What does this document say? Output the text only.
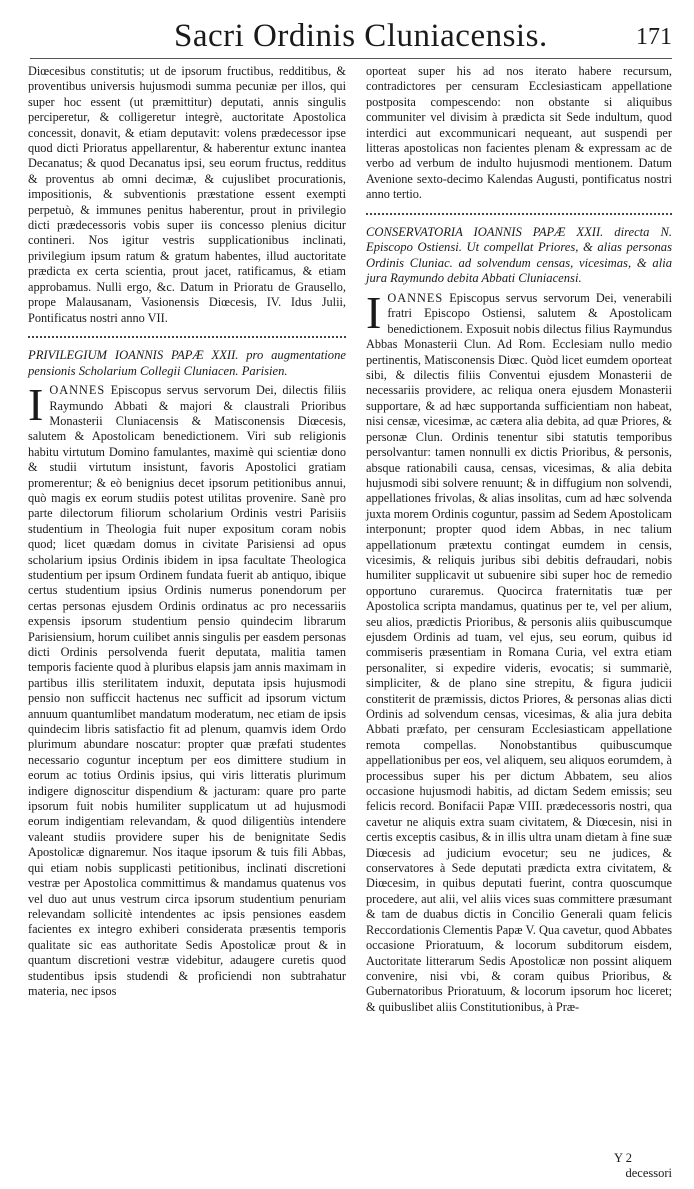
Sacri Ordinis Cluniacensis.	171

Diœcesibus constitutis; ut de ipsorum fructibus, redditibus, & proventibus universis hujusmodi summa pecuniæ per illos, qui super hoc essent (ut præmittitur) deputati, annis singulis perciperetur, & colligeretur integrè, auctoritate Apostolica concessit, donavit, & etiam deputavit: volens prædecessor ipse quod dicti Prioratus appellarentur, & haberentur extunc inantea Decanatus; & quod Decanatus ipsi, seu eorum fructus, redditus & proventus ab omni decimæ, & cujuslibet procurationis, impositionis, & subventionis præstatione essent exempti perpetuò, & immunes penitus haberentur, prout in privilegio dicti prædecessoris vobis super iis concesso plenius dicitur contineri. Nos igitur vestris supplicationibus inclinati, privilegium ipsum ratum & gratum habentes, illud auctoritate prædicta ex certa scientia, prout jacet, ratificamus, & etiam approbamus. Nulli ergo, &c. Datum in Prioratu de Grausello, prope Malausanam, Vasionensis Diœcesis, IV. Idus Julii, Pontificatus nostri anno VII.

PRIVILEGIUM IOANNIS PAPÆ XXII. pro augmentatione pensionis Scholarium Collegii Cluniacen. Parisien.

I OANNES Episcopus servus servorum Dei, dilectis filiis Raymundo Abbati & majori & claustrali Prioribus Monasterii Cluniacensis & Matisconensis Diœcesis, salutem & Apostolicam benedictionem. Viri sub religionis habitu virtutum Domino famulantes, maximè qui scientiæ dono & studii virtutum insistunt, favoris Apostolici gratiam promerentur; & eò benignius decet ipsorum petitionibus annui, quò magis ex eorum studiis potest utilitas provenire. Sanè pro parte dilectorum filiorum scholarium Ordinis vestri Parisiis studentium in Theologia fuit nuper expositum coram nobis quod; licet quædam domus in civitate Parisiensi ad opus scholarium ipsius Ordinis ibidem in ipsa facultate Theologica studentium per ipsum Ordinem fundata fuerit ab antiquo, ibique certus studentium ipsius Ordinis numerus ponendorum per certas personas ejusdem Ordinis ordinatus ac pro necessariis expensis ipsorum studentium pensio quindecim librarum Parisiensium, horum cuilibet annis singulis per easdem personas dicti Ordinis persolvenda fuerit deputata, malitia tamen temporis faciente quod à pluribus elapsis jam annis maximam in partibus illis sterilitatem induxit, deputata ipsis hujusmodi pensio non sufficcit hactenus nec sufficit ad ipsorum victum annuum quantumlibet mandatum moderatum, nec etiam de ipsis quindecim libris satisfactio fit ad plenum, quamvis idem Ordo plurimum abundare noscatur: propter quæ præfati studentes necessario coguntur inceptum per eos dimittere studium in eorum ac totius Ordinis ipsius, qui viris litteratis plurimum indigere dignoscitur dispendium & jacturam: quare pro parte ipsorum fuit nobis humiliter supplicatum ut ad hujusmodi eorum indigentiam relevandam, & quod diligentiùs intendere valeant studiis providere super his de benignitate Sedis Apostolicæ dignaremur. Nos itaque ipsorum & tuis fili Abbas, qui etiam nobis supplicasti petitionibus, inclinati discretioni vestræ per Apostolica committimus & mandamus quatenus vos vel duo aut unus vestrum circa ipsorum studentium penuriam relevandam sollicitè intendentes ac ipsis pensiones easdem facientes ex integro exhiberi considerata præsentis temporis qualitate sic eas authoritate Sedis Apostolicæ prout & in quantum discretioni vestræ videbitur, adaugere curetis quod studentibus ipsis studendi & proficiendi non subtrahatur materia, nec ipsos

oporteat super his ad nos iterato habere recursum, contradictores per censuram Ecclesiasticam appellatione postposita compescendo: non obstante si aliquibus communiter vel divisim à prædicta sit Sede indultum, quod interdici aut excommunicari nequeant, aut suspendi per litteras apostolicas non facientes plenam & expressam ac de verbo ad verbum de indulto hujusmodi mentionem. Datum Avenione sexto-decimo Kalendas Augusti, pontificatus nostri anno tertio.

CONSERVATORIA IOANNIS PAPÆ XXII. directa N. Episcopo Ostiensi. Ut compellat Priores, & alias personas Ordinis Cluniac. ad solvendum censas, vicesimas, & alia jura Raymundo debita Abbati Cluniacensi.

I OANNES Episcopus servus servorum Dei, venerabili fratri Episcopo Ostiensi, salutem & Apostolicam benedictionem. Exposuit nobis dilectus filius Raymundus Abbas Monasterii Clun. Ad Rom. Ecclesiam nullo medio pertinentis, Matisconensis Diœc. Quòd licet eumdem oporteat sibi, & dilectis filiis Conventui ejusdem Monasterii de necessariis providere, ac reliqua onera ejusdem Monasterii supportare, & ad hæc supportanda sufficientiam non habeat, nisi censæ, vicesimæ, ac cætera alia debita, ad quæ Priores, & personæ Clun. Ordinis tenentur sibi statutis temporibus persolvantur: tamen nonnulli ex dictis Prioribus, & personis, absque rationabili causa, censas, vicesimas, & alia debita hujusmodi sibi solvere renuunt; & in diffugium non solvendi, appellationes frivolas, & alias insolitas, cum ad hæc solvenda juxta morem Ordinis coguntur, passim ad Sedem Apostolicam interponunt; propter quod idem Abbas, in nec talium appellationum prætextu contingat eumdem in censis, vicesimis, & reliquis juribus sibi debitis defraudari, nobis humiliter supplicavit ut subuenire sibi super hoc de remedio opportuno curaremus. Quocirca fraternitatis tuæ per Apostolica scripta mandamus, quatinus per te, vel per alium, seu alios, prædictis Prioribus, & personis aliis quibuscumque ejusdem Ordinis ad tuam, vel ejus, seu eorum, quibus id commiseris præsentiam in Romana Curia, vel extra etiam personaliter, si expedire videris, evocatis; si summariè, simpliciter, & de plano sine strepitu, & figura judicii constiterit de præmissis, dictos Priores, & personas alias dicti Ordinis ad solvendum censas, vicesimas, & alia jura debita Abbati præfato, per censuram Ecclesiasticam appellatione remota compellas. Nonobstantibus quibuscumque appellationibus per eos, vel aliquem, seu aliquos eorumdem, à processibus super his per dictum Abbatem, seu alios occasione hujusmodi habitis, ad dictam Sedem emissis; seu felicis record. Bonifacii Papæ VIII. prædecessoris nostri, qua cavetur ne aliquis extra suam civitatem, & Diœcesin, nisi in certis exceptis casibus, & in illis ultra unam dietam à fine suæ Diœcesis ad judicium evocetur; seu ne judices, & conservatores à Sede deputati prædicta extra civitatem, & Diœcesim, in quibus deputati fuerint, contra quoscumque procedere, aut alii, vel aliis vices suas committere præsumant & tam de duabus dictis in Concilio Generali quam felicis Reccordationis Clementis Papæ V. Qua cavetur, quod Abbates occasione Prioratuum, & locorum subditorum eisdem, Auctoritate litterarum Sedis Apostolicæ non possint aliquem convenire, nisi vbi, & coram quibus Prioribus, & Gubernatoribus Prioratuum, & locorum ipsorum hoc liceret; & quibuslibet aliis Constitutionibus, à Præ-
Y 2
decessori
